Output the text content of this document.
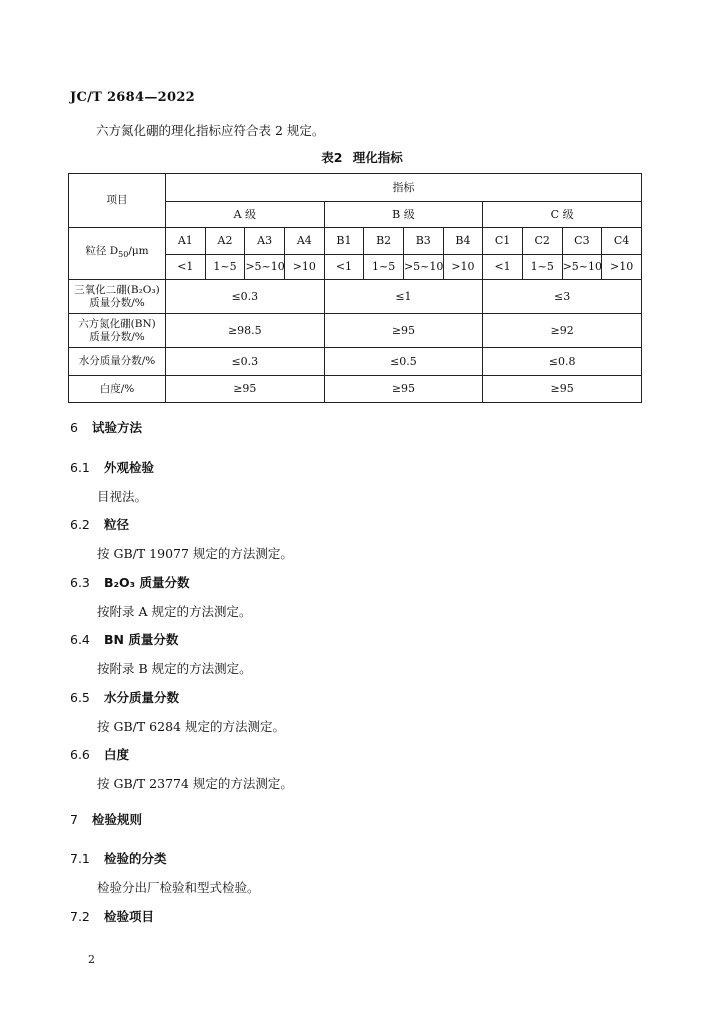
JC/T 2684—2022
六方氮化硼的理化指标应符合表 2 规定。
表2 理化指标
项目	指标											
	A 级				B 级				C 级			
粒径 $D_{50}/\mu m$	A1	A2	A3	A4	B1	B2	B3	B4	C1	C2	C3	C4
	<1	1~5	>5~10	>10	<1	1~5	>5~10	>10	<1	1~5	>5~10	>10

三氧化二硼(B₂O₃)
质量分数/%	≤0.3				≤1				≤3			

六方氮化硼(BN)
质量分数/%	≥98.5				≥95				≥92			

水分质量分数/%	≤0.3				≤0.5				≤0.8			

白度/%	≥95				≥95				≥95			
6 试验方法
6.1 外观检验
目视法。
6.2 粒径
按 GB/T 19077 规定的方法测定。
6.3 B₂O₃ 质量分数
按附录 A 规定的方法测定。
6.4 BN 质量分数
按附录 B 规定的方法测定。
6.5 水分质量分数
按 GB/T 6284 规定的方法测定。
6.6 白度
按 GB/T 23774 规定的方法测定。
7 检验规则
7.1 检验的分类
检验分出厂检验和型式检验。
7.2 检验项目
2
